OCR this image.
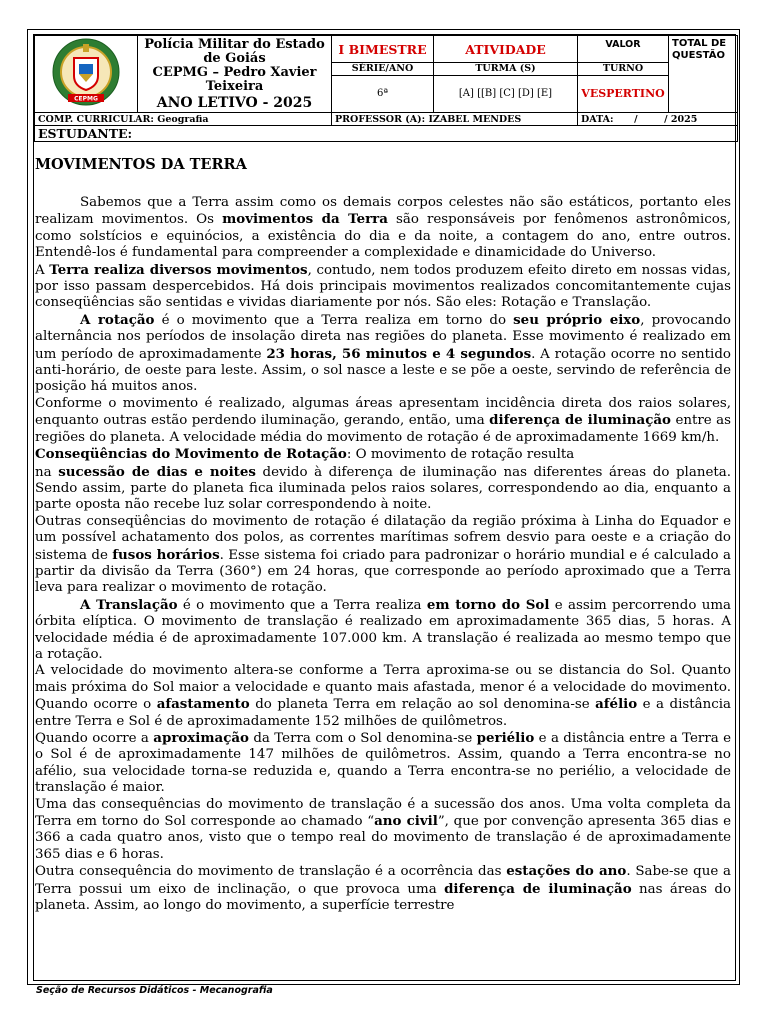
CEPMG	Polícia Militar do Estado de Goiás
CEPMG – Pedro Xavier Teixeira
ANO LETIVO - 2025	I BIMESTRE	ATIVIDADE	VALOR	TOTAL DE QUESTÃO
		SÉRIE/ANO	TURMA (S)	TURNO	
		6ª	[A] [[B] [C] [D] [E]	VESPERTINO	
COMP. CURRICULAR: Geografia		PROFESSOR (A): IZABEL MENDES		DATA: /        / 2025	
ESTUDANTE:					
MOVIMENTOS DA TERRA

Sabemos que a Terra assim como os demais corpos celestes não são estáticos, portanto eles realizam movimentos. Os movimentos da Terra são responsáveis por fenômenos astronômicos, como solstícios e equinócios, a existência do dia e da noite, a contagem do ano, entre outros. Entendê-los é fundamental para compreender a complexidade e dinamicidade do Universo.

A Terra realiza diversos movimentos, contudo, nem todos produzem efeito direto em nossas vidas, por isso passam despercebidos. Há dois principais movimentos realizados concomitantemente cujas conseqüências são sentidas e vividas diariamente por nós. São eles: Rotação e Translação.

A rotação é o movimento que a Terra realiza em torno do seu próprio eixo, provocando alternância nos períodos de insolação direta nas regiões do planeta. Esse movimento é realizado em um período de aproximadamente 23 horas, 56 minutos e 4 segundos. A rotação ocorre no sentido anti-horário, de oeste para leste. Assim, o sol nasce a leste e se põe a oeste, servindo de referência de posição há muitos anos.

Conforme o movimento é realizado, algumas áreas apresentam incidência direta dos raios solares, enquanto outras estão perdendo iluminação, gerando, então, uma diferença de iluminação entre as regiões do planeta. A velocidade média do movimento de rotação é de aproximadamente 1669 km/h.

Conseqüências do Movimento de Rotação: O movimento de rotação resulta
na sucessão de dias e noites devido à diferença de iluminação nas diferentes áreas do planeta. Sendo assim, parte do planeta fica iluminada pelos raios solares, correspondendo ao dia, enquanto a parte oposta não recebe luz solar correspondendo à noite.

Outras conseqüências do movimento de rotação é dilatação da região próxima à Linha do Equador e um possível achatamento dos polos, as correntes marítimas sofrem desvio para oeste e a criação do sistema de fusos horários. Esse sistema foi criado para padronizar o horário mundial e é calculado a partir da divisão da Terra (360°) em 24 horas, que corresponde ao período aproximado que a Terra leva para realizar o movimento de rotação.

A Translação é o movimento que a Terra realiza em torno do Sol e assim percorrendo uma órbita elíptica. O movimento de translação é realizado em aproximadamente 365 dias, 5 horas. A velocidade média é de aproximadamente 107.000 km. A translação é realizada ao mesmo tempo que a rotação.

A velocidade do movimento altera-se conforme a Terra aproxima-se ou se distancia do Sol. Quanto mais próxima do Sol maior a velocidade e quanto mais afastada, menor é a velocidade do movimento. Quando ocorre o afastamento do planeta Terra em relação ao sol denomina-se afélio e a distância entre Terra e Sol é de aproximadamente 152 milhões de quilômetros.

Quando ocorre a aproximação da Terra com o Sol denomina-se periélio e a distância entre a Terra e o Sol é de aproximadamente 147 milhões de quilômetros. Assim, quando a Terra encontra-se no afélio, sua velocidade torna-se reduzida e, quando a Terra encontra-se no periélio, a velocidade de translação é maior.

Uma das consequências do movimento de translação é a sucessão dos anos. Uma volta completa da Terra em torno do Sol corresponde ao chamado “ano civil”, que por convenção apresenta 365 dias e 366 a cada quatro anos, visto que o tempo real do movimento de translação é de aproximadamente 365 dias e 6 horas.

Outra consequência do movimento de translação é a ocorrência das estações do ano. Sabe-se que a Terra possui um eixo de inclinação, o que provoca uma diferença de iluminação nas áreas do planeta. Assim, ao longo do movimento, a superfície terrestre

Seção de Recursos Didáticos - Mecanografia
